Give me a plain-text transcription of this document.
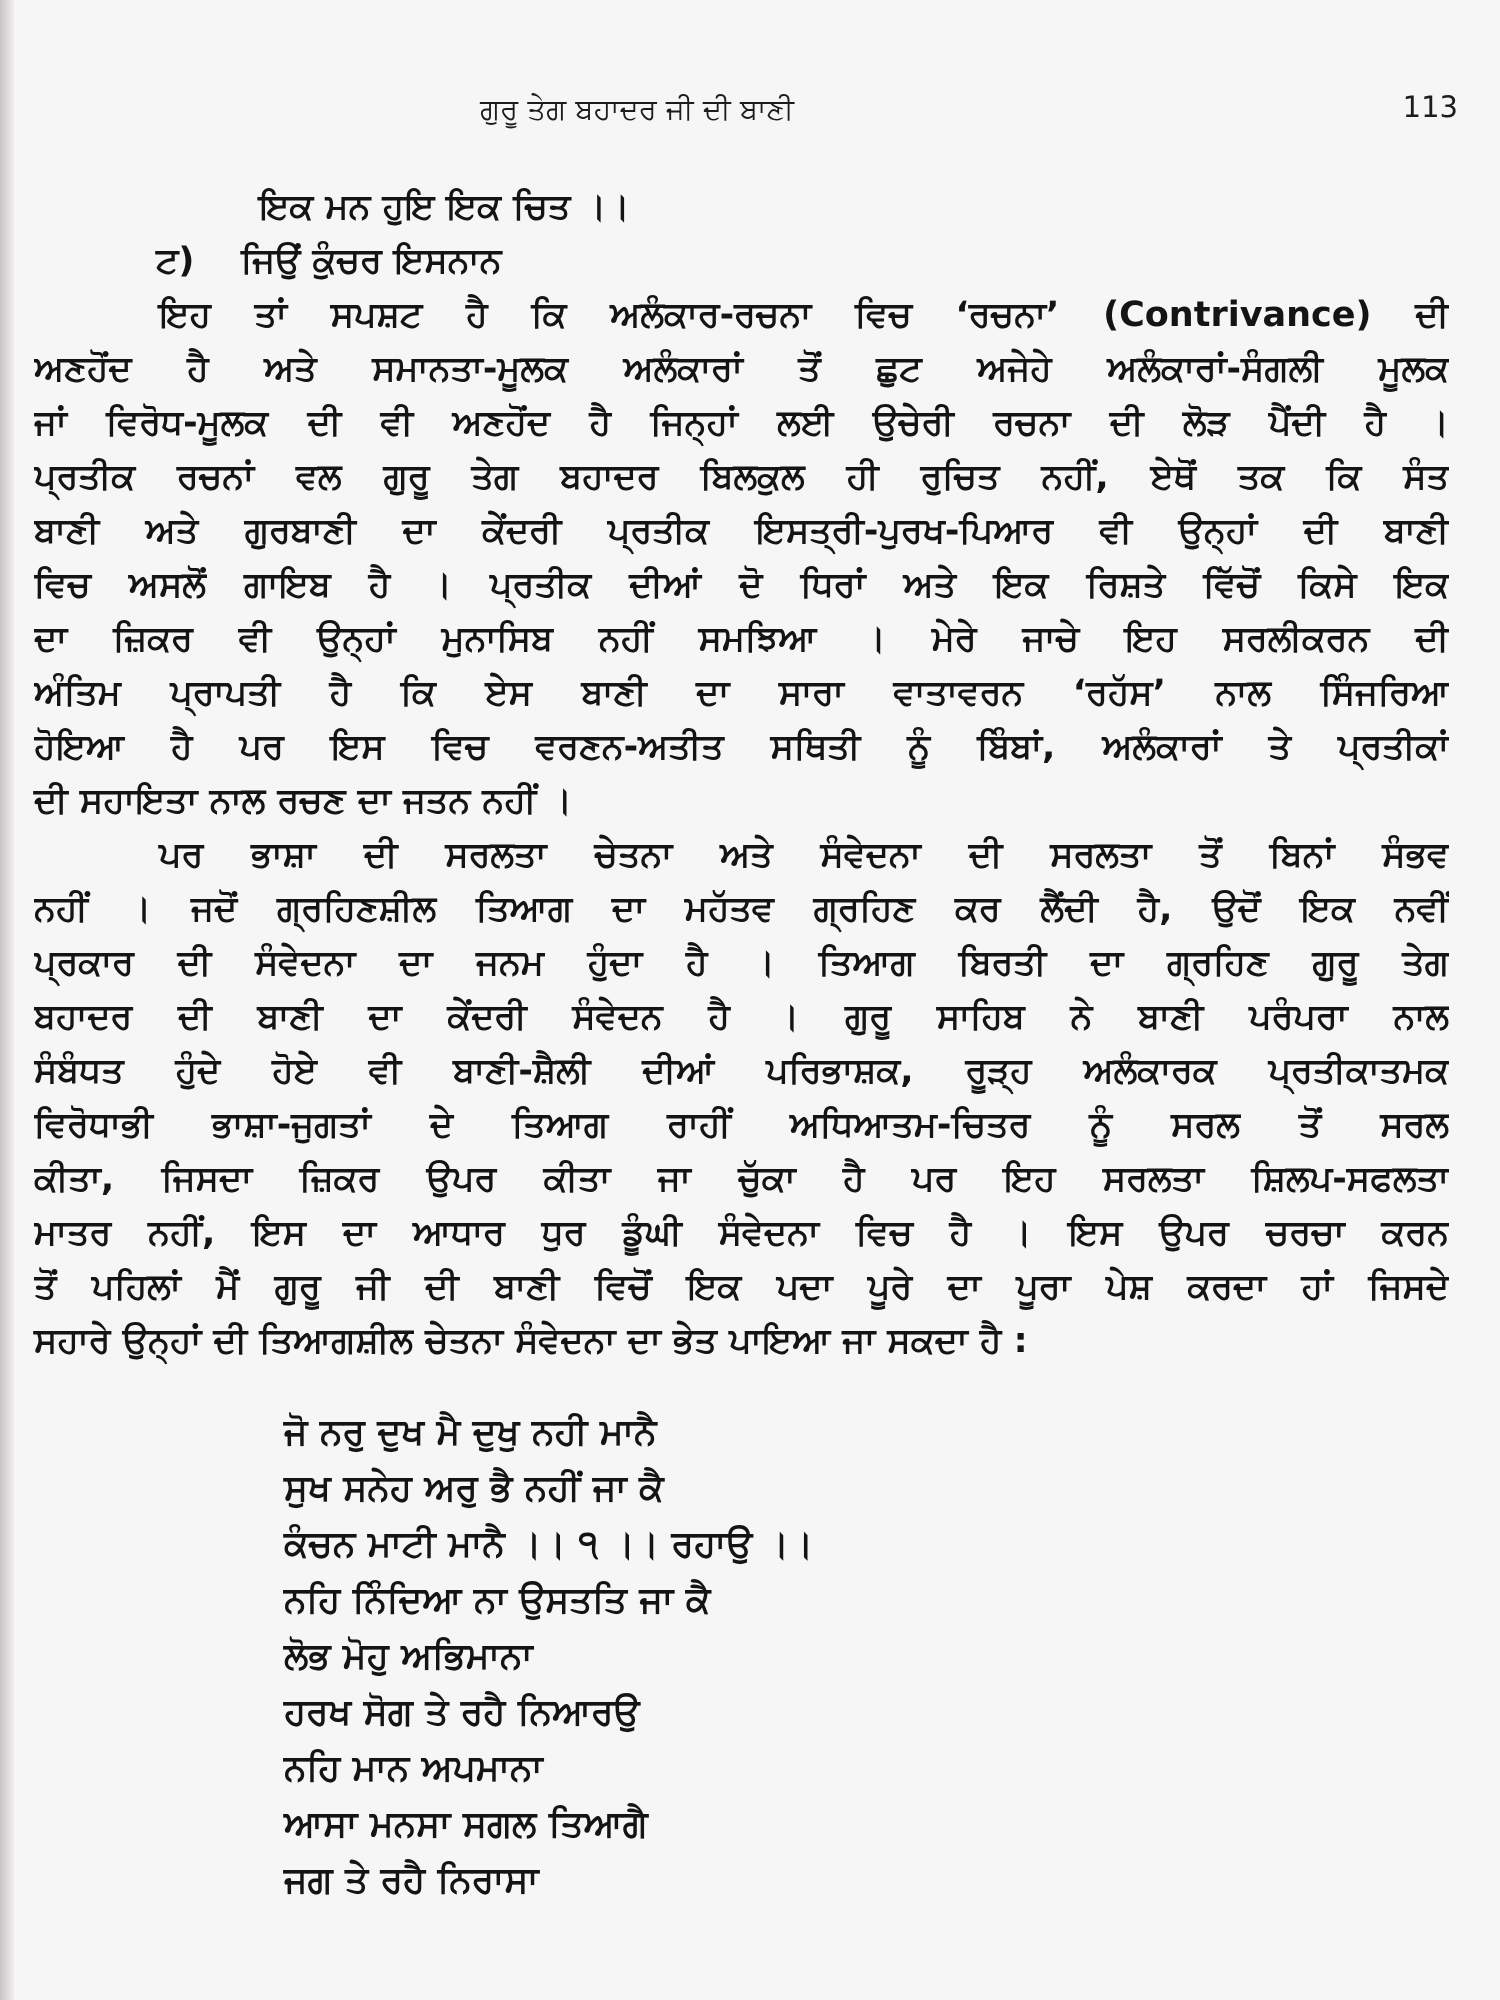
ਗੁਰੂ ਤੇਗ ਬਹਾਦਰ ਜੀ ਦੀ ਬਾਣੀ	113
ਇਕ ਮਨ ਹੁਇ ਇਕ ਚਿਤ ।।
ਟ) ਜਿਉਂ ਕੁੰਚਰ ਇਸਨਾਨ
ਇਹ ਤਾਂ ਸਪਸ਼ਟ ਹੈ ਕਿ ਅਲੰਕਾਰ-ਰਚਨਾ ਵਿਚ ‘ਰਚਨਾ’ (Contrivance) ਦੀ
ਅਣਹੋਂਦ ਹੈ ਅਤੇ ਸਮਾਨਤਾ-ਮੂਲਕ ਅਲੰਕਾਰਾਂ ਤੋਂ ਛੁਟ ਅਜੇਹੇ ਅਲੰਕਾਰਾਂ-ਸੰਗਲੀ ਮੂਲਕ
ਜਾਂ ਵਿਰੋਧ-ਮੂਲਕ ਦੀ ਵੀ ਅਣਹੋਂਦ ਹੈ ਜਿਨ੍ਹਾਂ ਲਈ ਉਚੇਰੀ ਰਚਨਾ ਦੀ ਲੋੜ ਪੈਂਦੀ ਹੈ ।
ਪ੍ਰਤੀਕ ਰਚਨਾਂ ਵਲ ਗੁਰੂ ਤੇਗ ਬਹਾਦਰ ਬਿਲਕੁਲ ਹੀ ਰੁਚਿਤ ਨਹੀਂ, ਏਥੋਂ ਤਕ ਕਿ ਸੰਤ
ਬਾਣੀ ਅਤੇ ਗੁਰਬਾਣੀ ਦਾ ਕੇਂਦਰੀ ਪ੍ਰਤੀਕ ਇਸਤ੍ਰੀ-ਪੁਰਖ-ਪਿਆਰ ਵੀ ਉਨ੍ਹਾਂ ਦੀ ਬਾਣੀ
ਵਿਚ ਅਸਲੋਂ ਗਾਇਬ ਹੈ । ਪ੍ਰਤੀਕ ਦੀਆਂ ਦੋ ਧਿਰਾਂ ਅਤੇ ਇਕ ਰਿਸ਼ਤੇ ਵਿੱਚੋਂ ਕਿਸੇ ਇਕ
ਦਾ ਜ਼ਿਕਰ ਵੀ ਉਨ੍ਹਾਂ ਮੁਨਾਸਿਬ ਨਹੀਂ ਸਮਝਿਆ । ਮੇਰੇ ਜਾਚੇ ਇਹ ਸਰਲੀਕਰਨ ਦੀ
ਅੰਤਿਮ ਪ੍ਰਾਪਤੀ ਹੈ ਕਿ ਏਸ ਬਾਣੀ ਦਾ ਸਾਰਾ ਵਾਤਾਵਰਨ ‘ਰਹੱਸ’ ਨਾਲ ਸਿੰਜਰਿਆ
ਹੋਇਆ ਹੈ ਪਰ ਇਸ ਵਿਚ ਵਰਣਨ-ਅਤੀਤ ਸਥਿਤੀ ਨੂੰ ਬਿੰਬਾਂ, ਅਲੰਕਾਰਾਂ ਤੇ ਪ੍ਰਤੀਕਾਂ
ਦੀ ਸਹਾਇਤਾ ਨਾਲ ਰਚਣ ਦਾ ਜਤਨ ਨਹੀਂ ।
ਪਰ ਭਾਸ਼ਾ ਦੀ ਸਰਲਤਾ ਚੇਤਨਾ ਅਤੇ ਸੰਵੇਦਨਾ ਦੀ ਸਰਲਤਾ ਤੋਂ ਬਿਨਾਂ ਸੰਭਵ
ਨਹੀਂ । ਜਦੋਂ ਗ੍ਰਹਿਣਸ਼ੀਲ ਤਿਆਗ ਦਾ ਮਹੱਤਵ ਗ੍ਰਹਿਣ ਕਰ ਲੈਂਦੀ ਹੈ, ਉਦੋਂ ਇਕ ਨਵੀਂ
ਪ੍ਰਕਾਰ ਦੀ ਸੰਵੇਦਨਾ ਦਾ ਜਨਮ ਹੁੰਦਾ ਹੈ । ਤਿਆਗ ਬਿਰਤੀ ਦਾ ਗ੍ਰਹਿਣ ਗੁਰੂ ਤੇਗ
ਬਹਾਦਰ ਦੀ ਬਾਣੀ ਦਾ ਕੇਂਦਰੀ ਸੰਵੇਦਨ ਹੈ । ਗੁਰੂ ਸਾਹਿਬ ਨੇ ਬਾਣੀ ਪਰੰਪਰਾ ਨਾਲ
ਸੰਬੰਧਤ ਹੁੰਦੇ ਹੋਏ ਵੀ ਬਾਣੀ-ਸ਼ੈਲੀ ਦੀਆਂ ਪਰਿਭਾਸ਼ਕ, ਰੂੜ੍ਹ ਅਲੰਕਾਰਕ ਪ੍ਰਤੀਕਾਤਮਕ
ਵਿਰੋਧਾਭੀ ਭਾਸ਼ਾ-ਜੁਗਤਾਂ ਦੇ ਤਿਆਗ ਰਾਹੀਂ ਅਧਿਆਤਮ-ਚਿਤਰ ਨੂੰ ਸਰਲ ਤੋਂ ਸਰਲ
ਕੀਤਾ, ਜਿਸਦਾ ਜ਼ਿਕਰ ਉਪਰ ਕੀਤਾ ਜਾ ਚੁੱਕਾ ਹੈ ਪਰ ਇਹ ਸਰਲਤਾ ਸ਼ਿਲਪ-ਸਫਲਤਾ
ਮਾਤਰ ਨਹੀਂ, ਇਸ ਦਾ ਆਧਾਰ ਧੁਰ ਡੂੰਘੀ ਸੰਵੇਦਨਾ ਵਿਚ ਹੈ । ਇਸ ਉਪਰ ਚਰਚਾ ਕਰਨ
ਤੋਂ ਪਹਿਲਾਂ ਮੈਂ ਗੁਰੂ ਜੀ ਦੀ ਬਾਣੀ ਵਿਚੋਂ ਇਕ ਪਦਾ ਪੂਰੇ ਦਾ ਪੂਰਾ ਪੇਸ਼ ਕਰਦਾ ਹਾਂ ਜਿਸਦੇ
ਸਹਾਰੇ ਉਨ੍ਹਾਂ ਦੀ ਤਿਆਗਸ਼ੀਲ ਚੇਤਨਾ ਸੰਵੇਦਨਾ ਦਾ ਭੇਤ ਪਾਇਆ ਜਾ ਸਕਦਾ ਹੈ :
ਜੋ ਨਰੁ ਦੁਖ ਮੈ ਦੁਖੁ ਨਹੀ ਮਾਨੈ
ਸੁਖ ਸਨੇਹ ਅਰੁ ਭੈ ਨਹੀਂ ਜਾ ਕੈ
ਕੰਚਨ ਮਾਟੀ ਮਾਨੈ ।। ੧ ।। ਰਹਾਉ ।।
ਨਹਿ ਨਿੰਦਿਆ ਨਾ ਉਸਤਤਿ ਜਾ ਕੈ
ਲੋਭ ਮੋਹੁ ਅਭਿਮਾਨਾ
ਹਰਖ ਸੋਗ ਤੇ ਰਹੈ ਨਿਆਰਉ
ਨਹਿ ਮਾਨ ਅਪਮਾਨਾ
ਆਸਾ ਮਨਸਾ ਸਗਲ ਤਿਆਗੈ
ਜਗ ਤੇ ਰਹੈ ਨਿਰਾਸਾ
